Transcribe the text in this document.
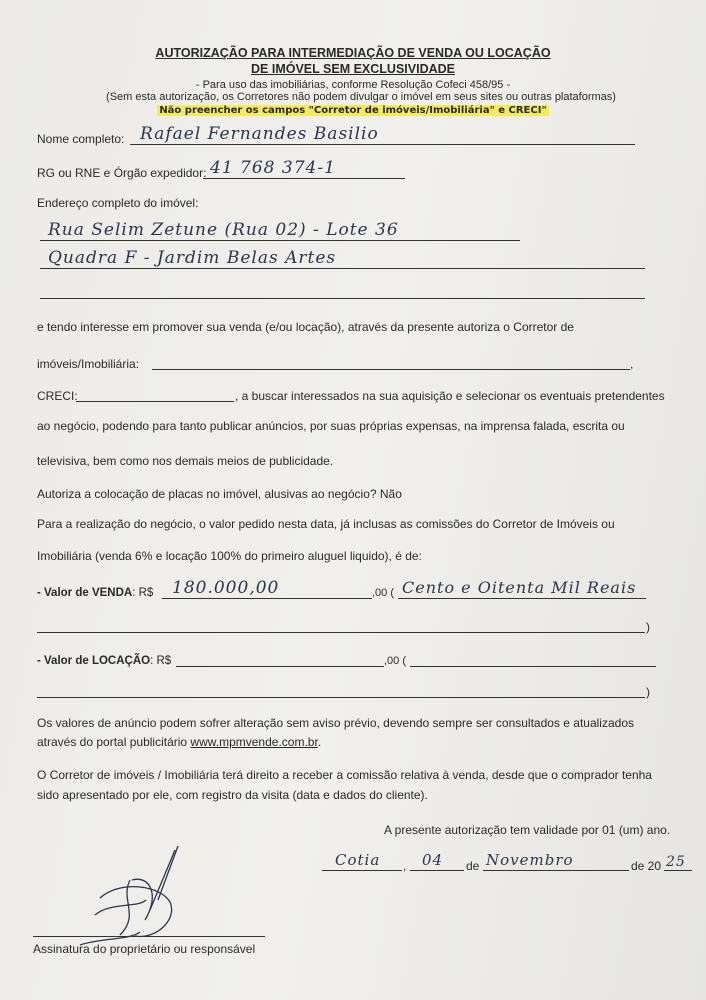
AUTORIZAÇÃO PARA INTERMEDIAÇÃO DE VENDA OU LOCAÇÃO
DE IMÓVEL SEM EXCLUSIVIDADE
- Para uso das imobiliárias, conforme Resolução Cofeci 458/95 -
(Sem esta autorização, os Corretores não podem divulgar o imóvel em seus sites ou outras plataformas)
Não preencher os campos "Corretor de imóveis/Imobiliária" e CRECI"
Nome completo: Rafael Fernandes Basilio
RG ou RNE e Órgão expedidor: 41 768 374-1
Endereço completo do imóvel:
Rua Selim Zetune (Rua 02) - Lote 36
Quadra F - Jardim Belas Artes
e tendo interesse em promover sua venda (e/ou locação), através da presente autoriza o Corretor de
imóveis/Imobiliária:	,
CRECI:	, a buscar interessados na sua aquisição e selecionar os eventuais pretendentes
ao negócio, podendo para tanto publicar anúncios, por suas próprias expensas, na imprensa falada, escrita ou
televisiva, bem como nos demais meios de publicidade.
Autoriza a colocação de placas no imóvel, alusivas ao negócio? Não
Para a realização do negócio, o valor pedido nesta data, já inclusas as comissões do Corretor de Imóveis ou
Imobiliária (venda 6% e locação 100% do primeiro aluguel liquido), é de:
- Valor de VENDA: R$ 180.000,00	,00 ( Cento e Oitenta Mil Reais
)
- Valor de LOCAÇÃO: R$	,00 (
)
Os valores de anúncio podem sofrer alteração sem aviso prévio, devendo sempre ser consultados e atualizados
através do portal publicitário www.mpmvende.com.br.
O Corretor de imóveis / Imobiliária terá direito a receber a comissão relativa à venda, desde que o comprador tenha
sido apresentado por ele, com registro da visita (data e dados do cliente).
A presente autorização tem validade por 01 (um) ano.
Cotia , 04 de Novembro	de 20 25
Assinatura do proprietário ou responsável
